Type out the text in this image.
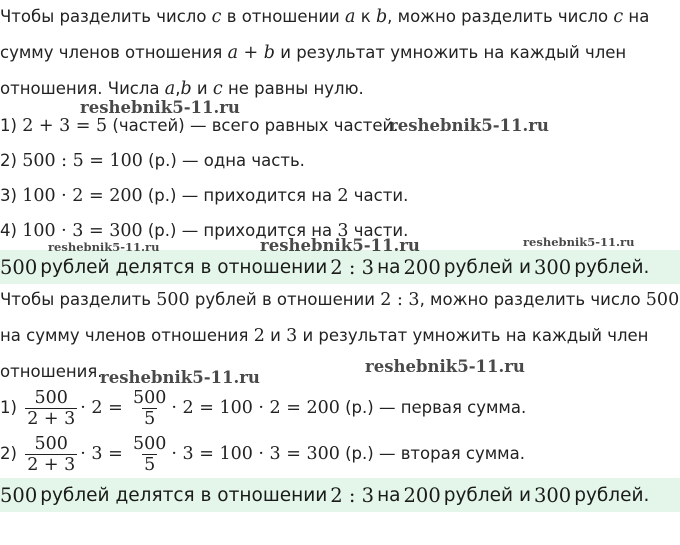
Чтобы разделить число c в отношении a к b, можно разделить число c на
сумму членов отношения a + b и результат умножить на каждый член
отношения. Числа a,b и c не равны нулю.
1) 2 + 3 = 5 (частей) — всего равных частей.
2) 500 : 5 = 100 (р.) — одна часть.
3) 100 · 2 = 200 (р.) — приходится на 2 части.
4) 100 · 3 = 300 (р.) — приходится на 3 части.
500 рублей делятся в отношении 2 : 3 на 200 рублей и 300 рублей.
Чтобы разделить 500 рублей в отношении 2 : 3, можно разделить число 500
на сумму членов отношения 2 и 3 и результат умножить на каждый член
отношения.
$1) \frac{500}{2 + 3} \cdot 2 = \frac{500}{5} \cdot 2 = 100 \cdot 2 = 200$ (р.) — первая сумма.
$2) \frac{500}{2 + 3} \cdot 3 = \frac{500}{5} \cdot 3 = 100 \cdot 3 = 300$ (р.) — вторая сумма.
500 рублей делятся в отношении 2 : 3 на 200 рублей и 300 рублей.
reshebnik5-11.ru
reshebnik5-11.ru
reshebnik5-11.ru	reshebnik5-11.ru	reshebnik5-11.ru
reshebnik5-11.ru
reshebnik5-11.ru
